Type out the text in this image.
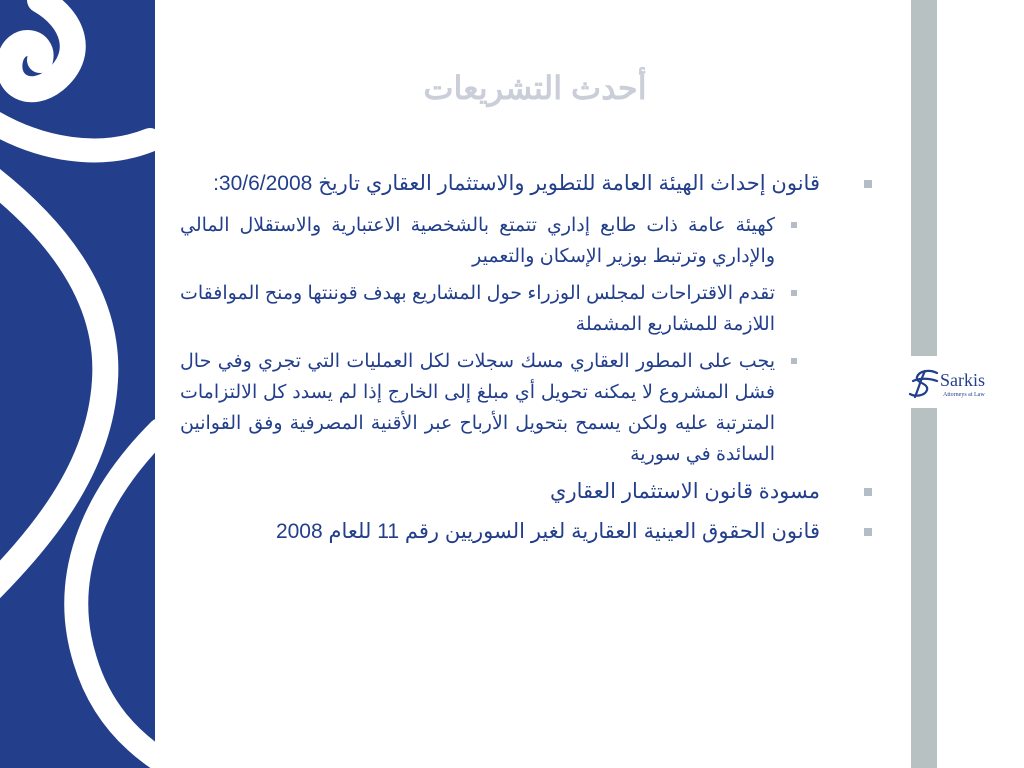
Sarkis
Attorneys at Law
أحدث التشريعات
قانون إحداث الهيئة العامة للتطوير والاستثمار العقاري تاريخ 30/6/2008:
كهيئة عامة ذات طابع إداري تتمتع بالشخصية الاعتبارية والاستقلال المالي والإداري وترتبط بوزير الإسكان والتعمير
تقدم الاقتراحات لمجلس الوزراء حول المشاريع بهدف قوننتها ومنح الموافقات اللازمة للمشاريع المشملة
يجب على المطور العقاري مسك سجلات لكل العمليات التي تجري وفي حال فشل المشروع لا يمكنه تحويل أي مبلغ إلى الخارج إذا لم يسدد كل الالتزامات المترتبة عليه ولكن يسمح بتحويل الأرباح عبر الأقنية المصرفية وفق القوانين السائدة في سورية
مسودة قانون الاستثمار العقاري
قانون الحقوق العينية العقارية لغير السوريين رقم 11 للعام 2008
